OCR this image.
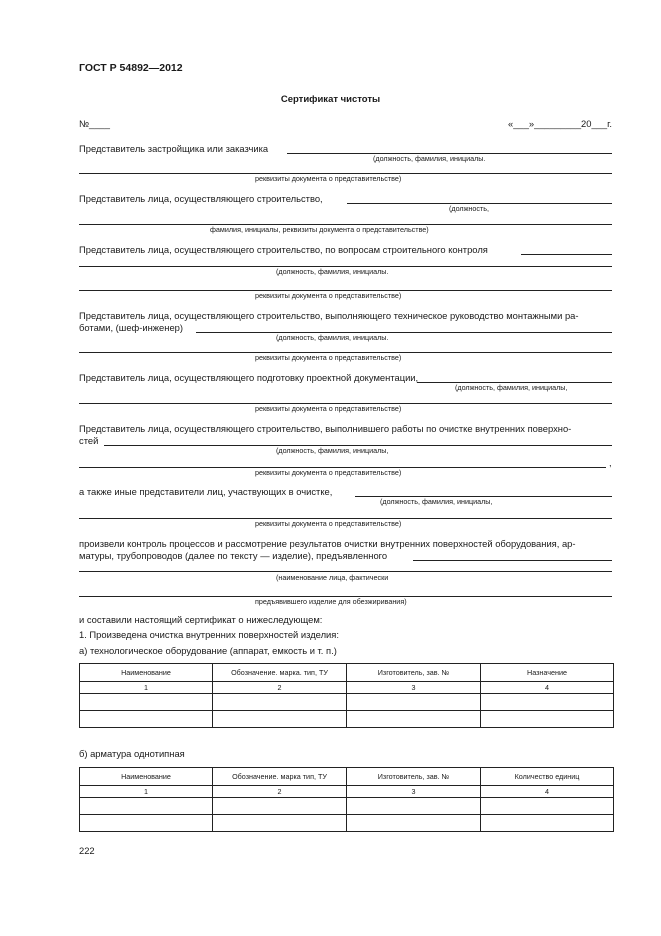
ГОСТ Р 54892—2012
Сертификат чистоты
№____	«___»_________20___г.
Представитель застройщика или заказчика
(должность, фамилия, инициалы.
реквизиты документа о представительстве)
Представитель лица, осуществляющего строительство,
(должность,
фамилия, инициалы, реквизиты документа о представительстве)
Представитель лица, осуществляющего строительство, по вопросам строительного контроля
(должность, фамилия, инициалы.
реквизиты документа о представительстве)
Представитель лица, осуществляющего строительство, выполняющего техническое руководство монтажными ра-
ботами, (шеф-инженер)
(должность, фамилия, инициалы.
реквизиты документа о представительстве)
Представитель лица, осуществляющего подготовку проектной документации,
(должность, фамилия, инициалы,
реквизиты документа о представительстве)
Представитель лица, осуществляющего строительство, выполнившего работы по очистке внутренних поверхно-
стей
(должность, фамилия, инициалы,
,
реквизиты документа о представительстве)
а также иные представители лиц, участвующих в очистке,
(должность, фамилия, инициалы,
реквизиты документа о представительстве)
произвели контроль процессов и рассмотрение результатов очистки внутренних поверхностей оборудования, ар-
матуры, трубопроводов (далее по тексту — изделие), предъявленного
(наименование лица, фактически
предъявившего изделие для обезжиривания)
и составили настоящий сертификат о нижеследующем:
1. Произведена очистка внутренних поверхностей изделия:
а) технологическое оборудование (аппарат, емкость и т. п.)
Наименование	Обозначение. марка. тип, ТУ	Изготовитель, зав. №	Назначение
1	2	3	4

б) арматура однотипная
Наименование	Обозначение. марка тип, ТУ	Изготовитель, зав. №	Количество единиц
1	2	3	4

222
